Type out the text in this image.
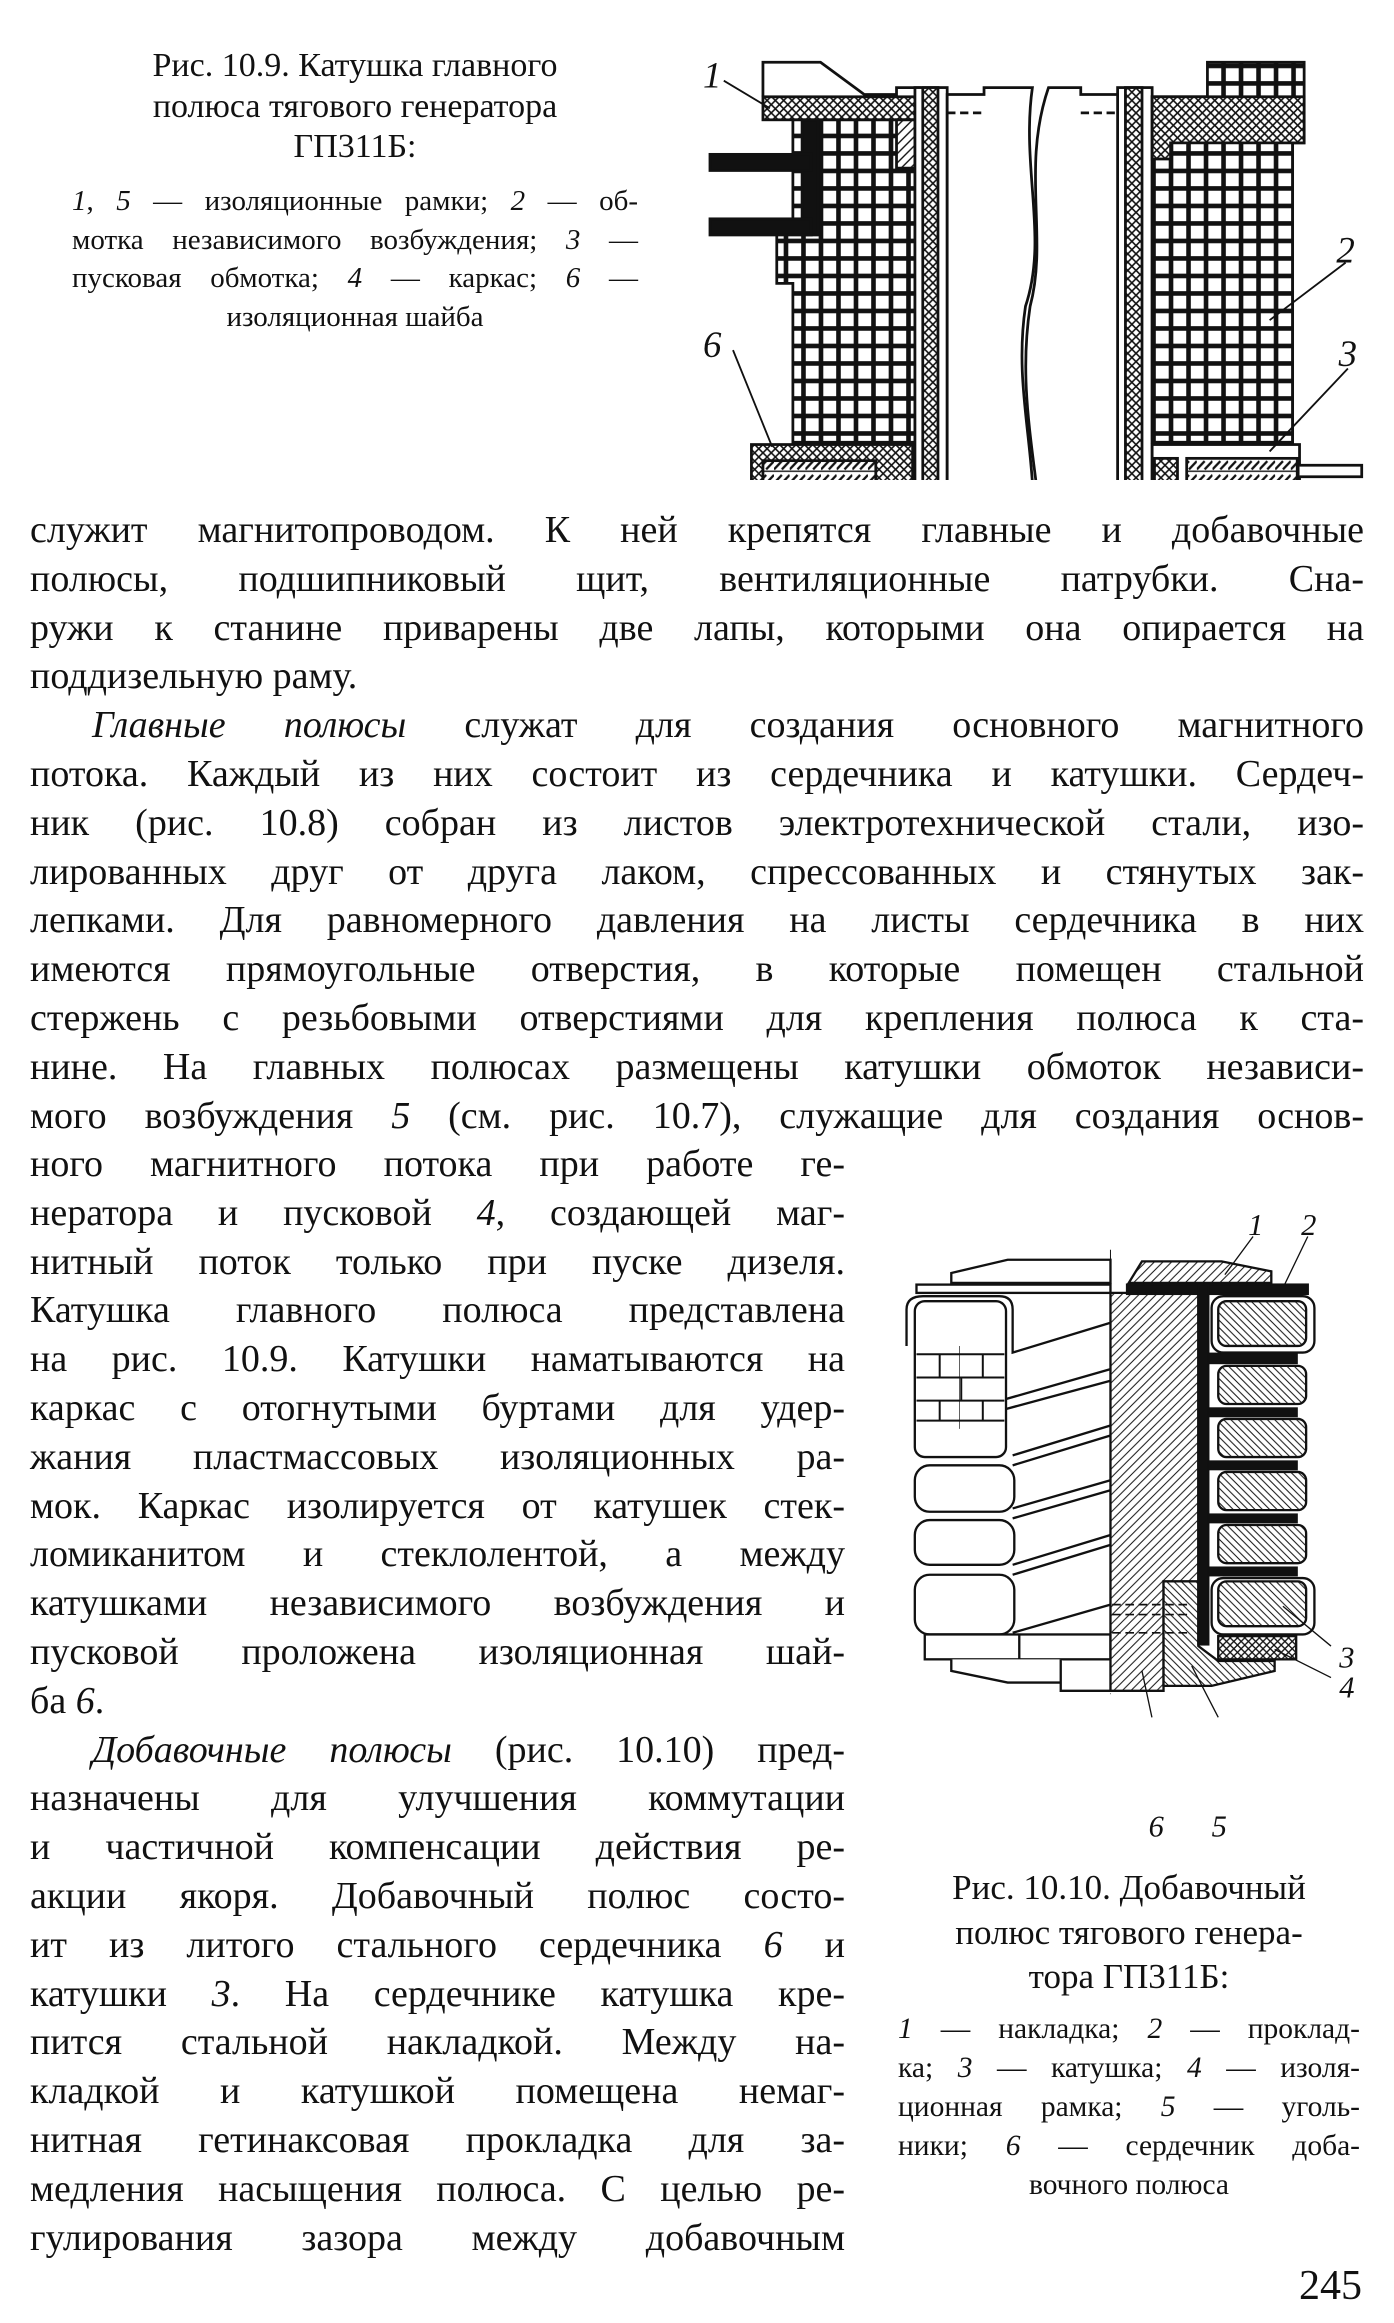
Рис. 10.9. Катушка главного
полюса тягового генератора
ГП311Б:
1, 5 — изоляционные рамки; 2 — об-
мотка независимого возбуждения; 3 —
пусковая обмотка; 4 — каркас; 6 —
изоляционная шайба
1
2
3
6
служит магнитопроводом. К ней крепятся главные и добавочные
полюсы, подшипниковый щит, вентиляционные патрубки. Сна-
ружи к станине приварены две лапы, которыми она опирается на
поддизельную раму.
Главные полюсы служат для создания основного магнитного
потока. Каждый из них состоит из сердечника и катушки. Сердеч-
ник (рис. 10.8) собран из листов электротехнической стали, изо-
лированных друг от друга лаком, спрессованных и стянутых зак-
лепками. Для равномерного давления на листы сердечника в них
имеются прямоугольные отверстия, в которые помещен стальной
стержень с резьбовыми отверстиями для крепления полюса к ста-
нине. На главных полюсах размещены катушки обмоток независи-
мого возбуждения 5 (см. рис. 10.7), служащие для создания основ-
ного магнитного потока при работе ге-
нератора и пусковой 4, создающей маг-
нитный поток только при пуске дизеля.
Катушка главного полюса представлена
на рис. 10.9. Катушки наматываются на
каркас с отогнутыми буртами для удер-
жания пластмассовых изоляционных ра-
мок. Каркас изолируется от катушек стек-
ломиканитом и стеклолентой, а между
катушками независимого возбуждения и
пусковой проложена изоляционная шай-
ба 6.
Добавочные полюсы (рис. 10.10) пред-
назначены для улучшения коммутации
и частичной компенсации действия ре-
акции якоря. Добавочный полюс состо-
ит из литого стального сердечника 6 и
катушки 3. На сердечнике катушка кре-
пится стальной накладкой. Между на-
кладкой и катушкой помещена немаг-
нитная гетинаксовая прокладка для за-
медления насыщения полюса. С целью ре-
гулирования зазора между добавочным
1 2
3
4
5
6
Рис. 10.10. Добавочный
полюс тягового генера-
тора ГП311Б:
1 — накладка; 2 — проклад-
ка; 3 — катушка; 4 — изоля-
ционная рамка; 5 — уголь-
ники; 6 — сердечник доба-
вочного полюса
245
